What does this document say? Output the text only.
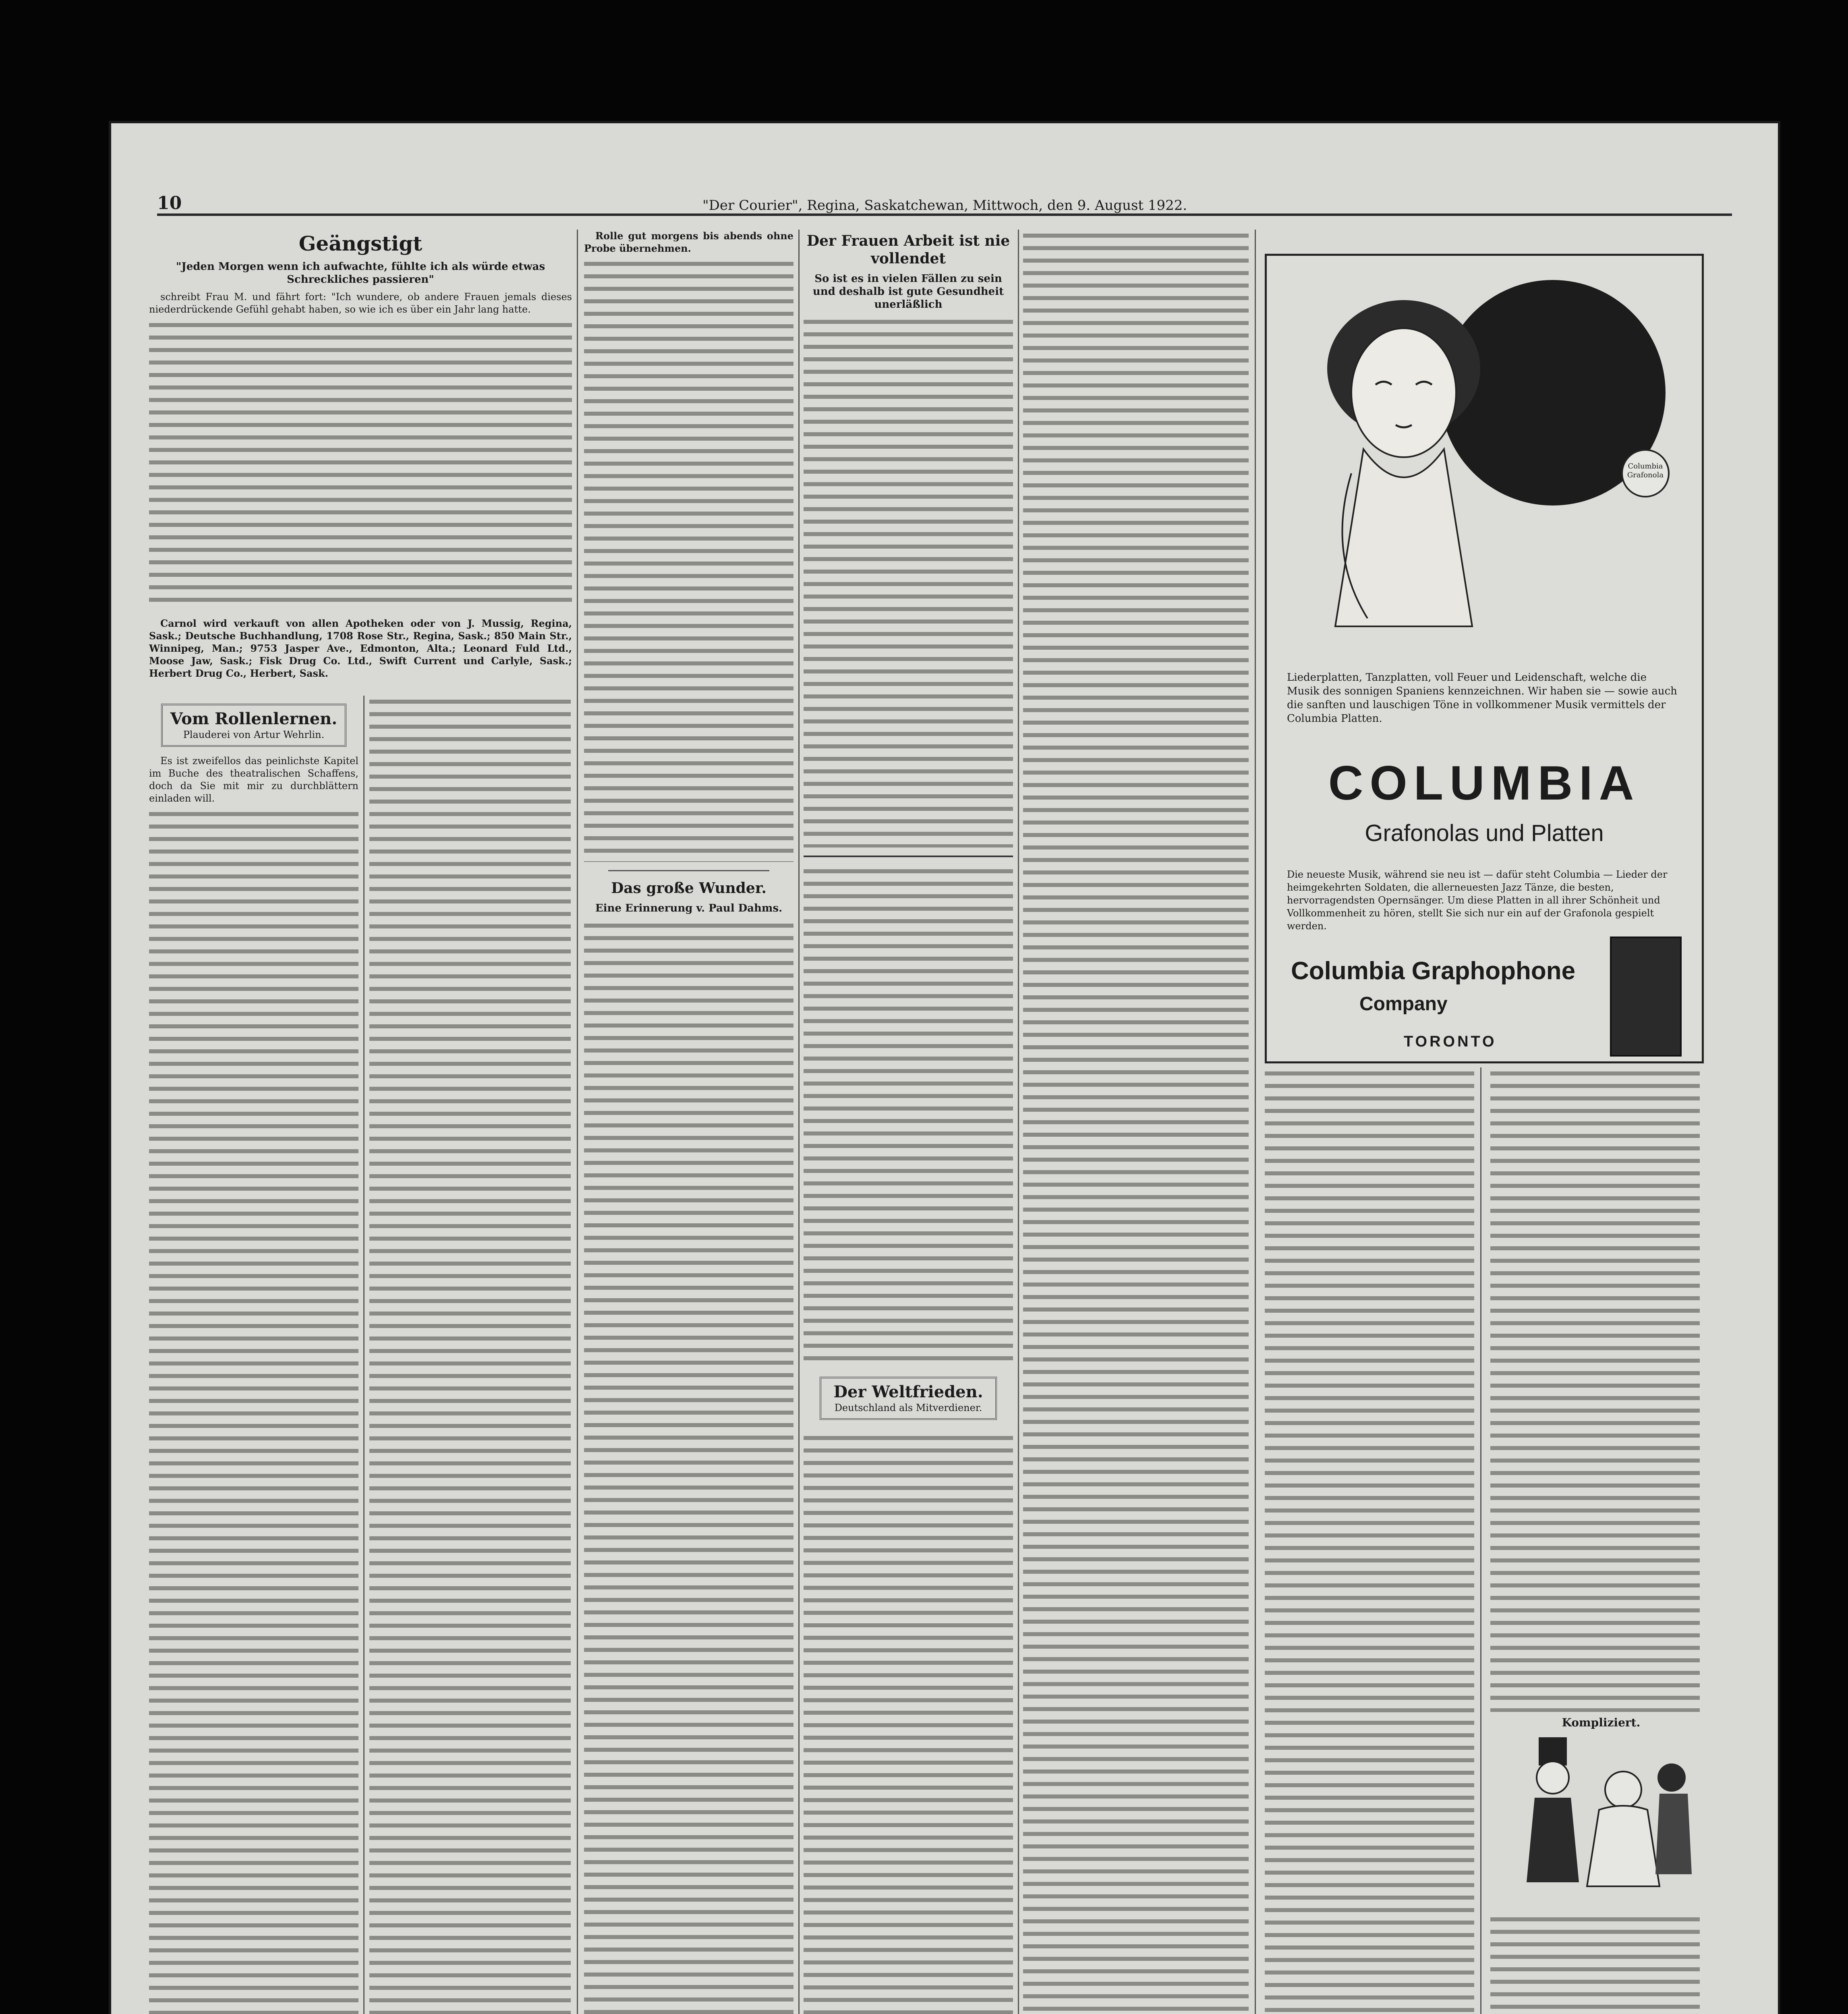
10	"Der Courier", Regina, Saskatchewan, Mittwoch, den 9. August 1922.
Geängstigt
"Jeden Morgen wenn ich aufwachte, fühlte ich als würde etwas Schreckliches passieren"

schreibt Frau M. und fährt fort: "Ich wundere, ob andere Frauen jemals dieses niederdrückende Gefühl gehabt haben, so wie ich es über ein Jahr lang hatte.

Carnol wird verkauft von allen Apotheken oder von J. Mussig, Regina, Sask.; Deutsche Buchhandlung, 1708 Rose Str., Regina, Sask.; 850 Main Str., Winnipeg, Man.; 9753 Jasper Ave., Edmonton, Alta.; Leonard Fuld Ltd., Moose Jaw, Sask.; Fisk Drug Co. Ltd., Swift Current und Carlyle, Sask.; Herbert Drug Co., Herbert, Sask.

Vom Rollenlernen.
Plauderei von Artur Wehrlin.

Es ist zweifellos das peinlichste Kapitel im Buche des theatralischen Schaffens, doch da Sie mit mir zu durchblättern einladen will.

Rolle gut morgens bis abends ohne Probe übernehmen.

Das große Wunder.
Eine Erinnerung v. Paul Dahms.
Der Frauen Arbeit ist nie vollendet
So ist es in vielen Fällen zu sein und deshalb ist gute Gesundheit unerläßlich
Der Weltfrieden.
Deutschland als Mitverdiener.
Columbia Grafonola
Liederplatten, Tanzplatten, voll Feuer und Leidenschaft, welche die Musik des sonnigen Spaniens kennzeichnen. Wir haben sie — sowie auch die sanften und lauschigen Töne in vollkommener Musik vermittels der Columbia Platten.
COLUMBIA
Grafonolas und Platten
Die neueste Musik, während sie neu ist — dafür steht Columbia — Lieder der heimgekehrten Soldaten, die allerneuesten Jazz Tänze, die besten, hervorragendsten Opernsänger. Um diese Platten in all ihrer Schönheit und Vollkommenheit zu hören, stellt Sie sich nur ein auf der Grafonola gespielt werden.
Columbia Graphophone
Company
TORONTO
Kompliziert.
